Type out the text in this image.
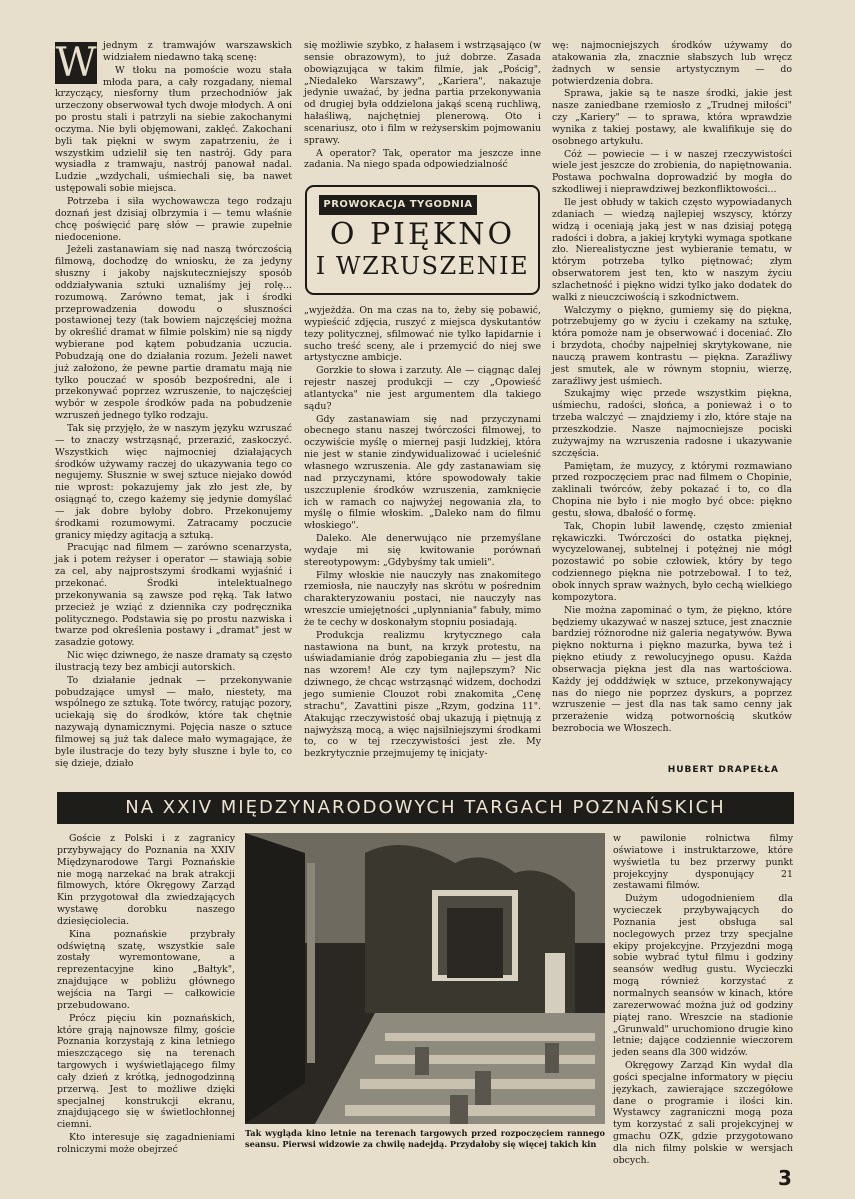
W jednym z tramwajów warszawskich widziałem niedawno taką scenę:

W tłoku na pomoście wozu stała młoda para, a cały rozgadany, niemal krzyczący, niesforny tłum przechodniów jak urzeczony obserwował tych dwoje młodych. A oni po prostu stali i patrzyli na siebie zakochanymi oczyma. Nie byli objęmowani, zaklęć. Zakochani byli tak piękni w swym zapatrzeniu, że i wszystkim udzielił się ten nastrój. Gdy para wysiadła z tramwaju, nastrój panował nadal. Ludzie „wzdychali, uśmiechali się, ba nawet ustępowali sobie miejsca.

Potrzeba i siła wychowawcza tego rodzaju doznań jest dzisiaj olbrzymia i — temu właśnie chcę poświęcić parę słów — prawie zupełnie niedocenione.

Jeżeli zastanawiam się nad naszą twórczością filmową, dochodzę do wniosku, że za jedyny słuszny i jakoby najskuteczniejszy sposób oddziaływania sztuki uznaliśmy jej rolę... rozumową. Zarówno temat, jak i środki przeprowadzenia dowodu o słuszności postawionej tezy (tak bowiem najczęściej można by określić dramat w filmie polskim) nie są nigdy wybierane pod kątem pobudzania uczucia. Pobudzają one do działania rozum. Jeżeli nawet już założono, że pewne partie dramatu mają nie tylko pouczać w sposób bezpośredni, ale i przekonywać poprzez wzruszenie, to najczęściej wybór w zespole środków pada na pobudzenie wzruszeń jednego tylko rodzaju.

Tak się przyjęło, że w naszym języku wzruszać — to znaczy wstrząsnąć, przerazić, zaskoczyć. Wszystkich więc najmocniej działających środków używamy raczej do ukazywania tego co negujemy. Słusznie w swej sztuce niejako dowód nie wprost: pokazujemy jak zło jest złe, by osiągnąć to, czego każemy się jedynie domyślać — jak dobre byłoby dobro. Przekonujemy środkami rozumowymi. Zatracamy poczucie granicy między agitacją a sztuką.

Pracując nad filmem — zarówno scenarzysta, jak i potem reżyser i operator — stawiają sobie za cel, aby najprostszymi środkami wyjaśnić i przekonać. Środki intelektualnego przekonywania są zawsze pod ręką. Tak łatwo przecież je wziąć z dziennika czy podręcznika politycznego. Podstawia się po prostu nazwiska i twarze pod określenia postawy i „dramat" jest w zasadzie gotowy.

Nic więc dziwnego, że nasze dramaty są często ilustracją tezy bez ambicji autorskich.

To działanie jednak — przekonywanie pobudzające umysł — mało, niestety, ma wspólnego ze sztuką. Tote twórcy, ratując pozory, uciekają się do środków, które tak chętnie nazywają dynamicznymi. Pojęcia nasze o sztuce filmowej są już tak dalece mało wymagające, że byle ilustracje do tezy były słuszne i byle to, co się dzieje, działo

się możliwie szybko, z hałasem i wstrząsająco (w sensie obrazowym), to już dobrze. Zasada obowiązująca w takim filmie, jak „Pościg", „Niedaleko Warszawy", „Kariera", nakazuje jedynie uważać, by jedna partia przekonywania od drugiej była oddzielona jakąś sceną ruchliwą, hałaśliwą, najchętniej plenerową. Oto i scenariusz, oto i film w reżyserskim pojmowaniu sprawy.

A operator? Tak, operator ma jeszcze inne zadania. Na niego spada odpowiedzialność

PROWOKACJA TYGODNIA
O PIĘKNO
I WZRUSZENIE

„wyjeżdża. On ma czas na to, żeby się pobawić, wypieścić zdjęcia, ruszyć z miejsca dyskutantów tezy politycznej, sfilmować nie tylko łapidarnie i sucho treść sceny, ale i przemycić do niej swe artystyczne ambicje.

Gorzkie to słowa i zarzuty. Ale — ciągnąc dalej rejestr naszej produkcji — czy „Opowieść atlantycka" nie jest argumentem dla takiego sądu?

Gdy zastanawiam się nad przyczynami obecnego stanu naszej twórczości filmowej, to oczywiście myślę o miernej pasji ludzkiej, która nie jest w stanie zindywidualizować i ucieleśnić własnego wzruszenia. Ale gdy zastanawiam się nad przyczynami, które spowodowały takie uszczuplenie środków wzruszenia, zamknięcie ich w ramach co najwyżej negowania zła, to myślę o filmie włoskim. „Daleko nam do filmu włoskiego".

Daleko. Ale denerwująco nie przemyślane wydaje mi się kwitowanie porównań stereotypowym: „Gdybyśmy tak umieli".

Filmy włoskie nie nauczyły nas znakomitego rzemiosła, nie nauczyły nas skrótu w pośrednim charakteryzowaniu postaci, nie nauczyły nas wreszcie umiejętności „uplynniania" fabuły, mimo że te cechy w doskonałym stopniu posiadają.

Produkcja realizmu krytycznego cała nastawiona na bunt, na krzyk protestu, na uświadamianie dróg zapobiegania złu — jest dla nas wzorem! Ale czy tym najlepszym? Nic dziwnego, że chcąc wstrząsnąć widzem, dochodzi jego sumienie Clouzot robi znakomita „Cenę strachu", Zavattini pisze „Rzym, godzina 11". Atakując rzeczywistość obaj ukazują i piętnują z najwyższą mocą, a więc najsilniejszymi środkami to, co w tej rzeczywistości jest złe. My bezkrytycznie przejmujemy tę inicjaty-

wę: najmocniejszych środków używamy do atakowania zła, znacznie słabszych lub wręcz żadnych w sensie artystycznym — do potwierdzenia dobra.

Sprawa, jakie są te nasze środki, jakie jest nasze zaniedbane rzemiosło z „Trudnej miłości" czy „Kariery" — to sprawa, która wprawdzie wynika z takiej postawy, ale kwalifikuje się do osobnego artykułu.

Cóż — powiecie — i w naszej rzeczywistości wiele jest jeszcze do zrobienia, do napiętnowania. Postawa pochwalna doprowadzić by mogła do szkodliwej i nieprawdziwej bezkonfliktowości...

Ile jest obłudy w takich często wypowiadanych zdaniach — wiedzą najlepiej wszyscy, którzy widzą i oceniają jaką jest w nas dzisiaj potęgą radości i dobra, a jakiej krytyki wymaga spotkane zło. Nierealistyczne jest wybieranie tematu, w którym potrzeba tylko piętnować; złym obserwatorem jest ten, kto w naszym życiu szlachetność i piękno widzi tylko jako dodatek do walki z nieuczciwością i szkodnictwem.

Wałczymy o piękno, gumiemy się do piękna, potrzebujemy go w życiu i czekamy na sztukę, która pomoże nam je obserwować i doceniać. Zło i brzydota, choćby najpełniej skrytykowane, nie nauczą prawem kontrastu — piękna. Zaraźliwy jest smutek, ale w równym stopniu, wierzę, zaraźliwy jest uśmiech.

Szukajmy więc przede wszystkim piękna, uśmiechu, radości, słońca, a ponieważ i o to trzeba walczyć — znajdziemy i zło, które staje na przeszkodzie. Nasze najmocniejsze pociski zużywajmy na wzruszenia radosne i ukazywanie szczęścia.

Pamiętam, że muzycy, z którymi rozmawiano przed rozpoczęciem prac nad filmem o Chopinie, zaklinali twórców, żeby pokazać i to, co dla Chopina nie było i nie mogło być obce: piękno gestu, słowa, dbałość o formę.

Tak, Chopin lubił lawendę, często zmieniał rękawiczki. Twórczości do ostatka pięknej, wycyzelowanej, subtelnej i potężnej nie mógł pozostawić po sobie człowiek, który by tego codziennego piękna nie potrzebował. I to też, obok innych spraw ważnych, było cechą wielkiego kompozytora.

Nie można zapominać o tym, że piękno, które będziemy ukazywać w naszej sztuce, jest znacznie bardziej różnorodne niż galeria negatywów. Bywa piękno nokturna i piękno mazurka, bywa też i piękno etiudy z rewolucyjnego opusu. Każda obserwacja piękna jest dla nas wartościowa. Każdy jej odddźwięk w sztuce, przekonywający nas do niego nie poprzez dyskurs, a poprzez wzruszenie — jest dla nas tak samo cenny jak przerażenie widzą potwornością skutków bezrobocia we Włoszech.

HUBERT DRAPEŁŁA
NA XXIV MIĘDZYNARODOWYCH TARGACH POZNAŃSKICH

Goście z Polski i z zagranicy przybywający do Poznania na XXIV Międzynarodowe Targi Poznańskie nie mogą narzekać na brak atrakcji filmowych, które Okręgowy Zarząd Kin przygotował dla zwiedzających wystawę dorobku naszego dziesięciolecia.

Kina poznańskie przybrały odświętną szatę, wszystkie sale zostały wyremontowane, a reprezentacyjne kino „Bałtyk", znajdujące w pobliżu głównego wejścia na Targi — całkowicie przebudowano.

Prócz pięciu kin poznańskich, które grają najnowsze filmy, goście Poznania korzystają z kina letniego mieszczącego się na terenach targowych i wyświetlającego filmy cały dzień z krótką, jednogodzinną przerwą. Jest to możliwe dzięki specjalnej konstrukcji ekranu, znajdującego się w świetlochłonnej ciemni.

Kto interesuje się zagadnieniami rolniczymi może obejrzeć

Tak wygląda kino letnie na terenach targowych przed rozpoczęciem rannego seansu. Pierwsi widzowie za chwilę nadejdą. Przydałoby się więcej takich kin

w pawilonie rolnictwa filmy oświatowe i instruktarzowe, które wyświetla tu bez przerwy punkt projekcyjny dysponujący 21 zestawami filmów.

Dużym udogodnieniem dla wycieczek przybywających do Poznania jest obsługa sal noclegowych przez trzy specjalne ekipy projekcyjne. Przyjezdni mogą sobie wybrać tytuł filmu i godziny seansów według gustu. Wycieczki mogą również korzystać z normalnych seansów w kinach, które zarezerwować można już od godziny piątej rano. Wreszcie na stadionie „Grunwald" uruchomiono drugie kino letnie; dające codziennie wieczorem jeden seans dla 300 widzów.

Okręgowy Zarząd Kin wydał dla gości specjalne informatory w pięciu językach, zawierające szczegółowe dane o programie i ilości kin. Wystawcy zagraniczni mogą poza tym korzystać z sali projekcyjnej w gmachu OZK, gdzie przygotowano dla nich filmy polskie w wersjach obcych.

3
